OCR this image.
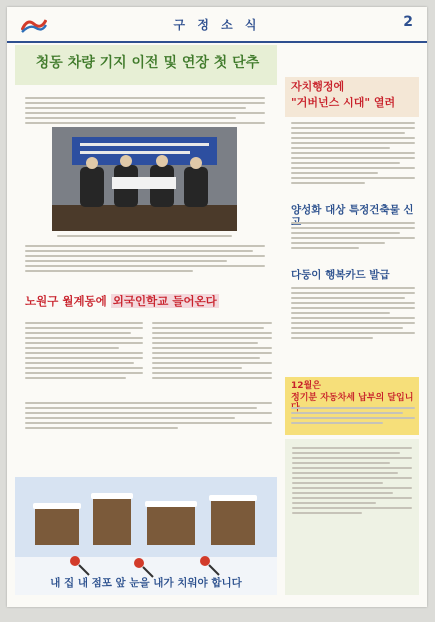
구 정 소 식	2
청동 차량 기지 이전 및 연장 첫 단추
노원구 월계동에 외국인학교 들어온다
자치행정에
"거버넌스 시대" 열려
양성화 대상 특정건축물 신
다둥이 행복카드 발급
12월은
정기분 자동차세 납부의 달입니
내 집 내 점포 앞 눈을 내가 치워야 합니다
